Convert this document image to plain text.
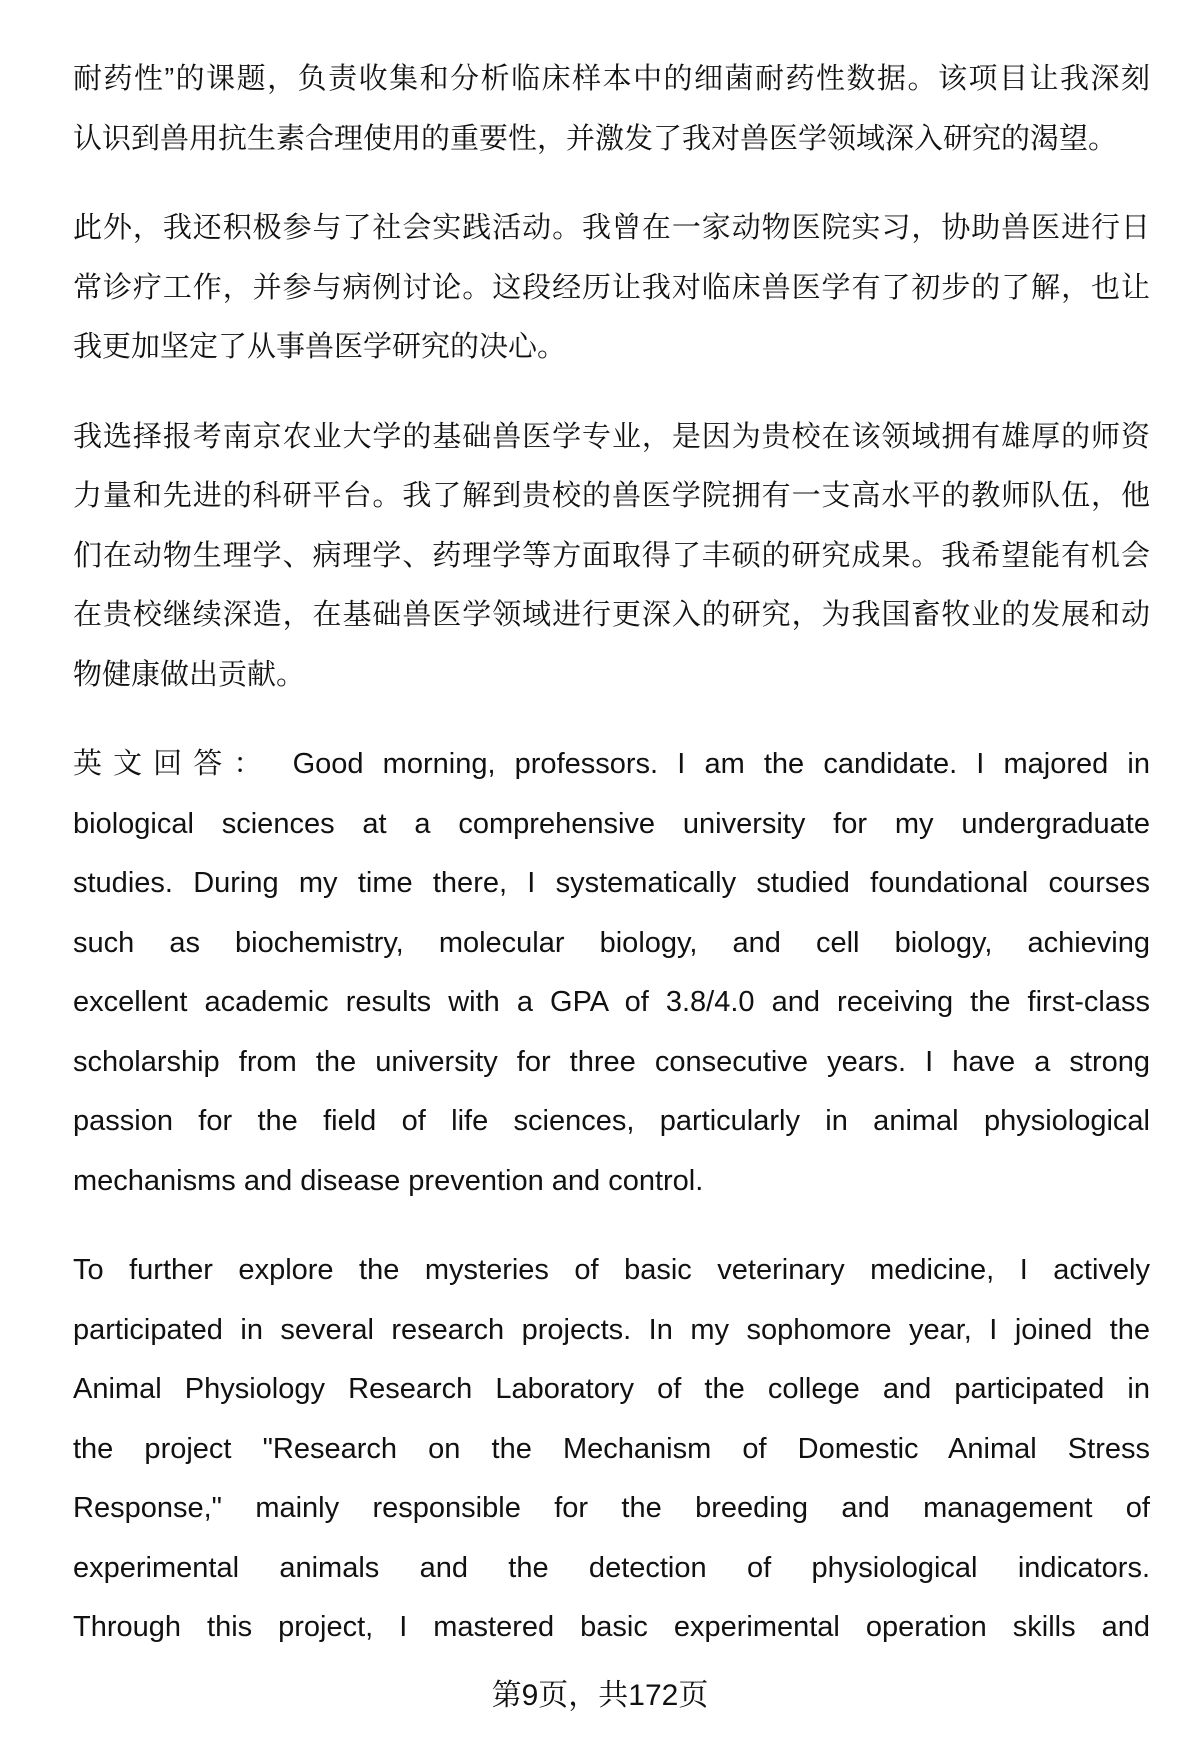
耐药性”的课题，负责收集和分析临床样本中的细菌耐药性数据。该项目让我深刻
认识到兽用抗生素合理使用的重要性，并激发了我对兽医学领域深入研究的渴望。
此外，我还积极参与了社会实践活动。我曾在一家动物医院实习，协助兽医进行日
常诊疗工作，并参与病例讨论。这段经历让我对临床兽医学有了初步的了解，也让
我更加坚定了从事兽医学研究的决心。
我选择报考南京农业大学的基础兽医学专业，是因为贵校在该领域拥有雄厚的师资
力量和先进的科研平台。我了解到贵校的兽医学院拥有一支高水平的教师队伍，他
们在动物生理学、病理学、药理学等方面取得了丰硕的研究成果。我希望能有机会
在贵校继续深造，在基础兽医学领域进行更深入的研究，为我国畜牧业的发展和动
物健康做出贡献。
英文回答： Good morning, professors. I am the candidate. I majored in
biological sciences at a comprehensive university for my undergraduate
studies. During my time there, I systematically studied foundational courses
such as biochemistry, molecular biology, and cell biology, achieving
excellent academic results with a GPA of 3.8/4.0 and receiving the first-class
scholarship from the university for three consecutive years. I have a strong
passion for the field of life sciences, particularly in animal physiological
mechanisms and disease prevention and control.
To further explore the mysteries of basic veterinary medicine, I actively
participated in several research projects. In my sophomore year, I joined the
Animal Physiology Research Laboratory of the college and participated in
the project "Research on the Mechanism of Domestic Animal Stress
Response," mainly responsible for the breeding and management of
experimental animals and the detection of physiological indicators.
Through this project, I mastered basic experimental operation skills and
第9页，共172页
